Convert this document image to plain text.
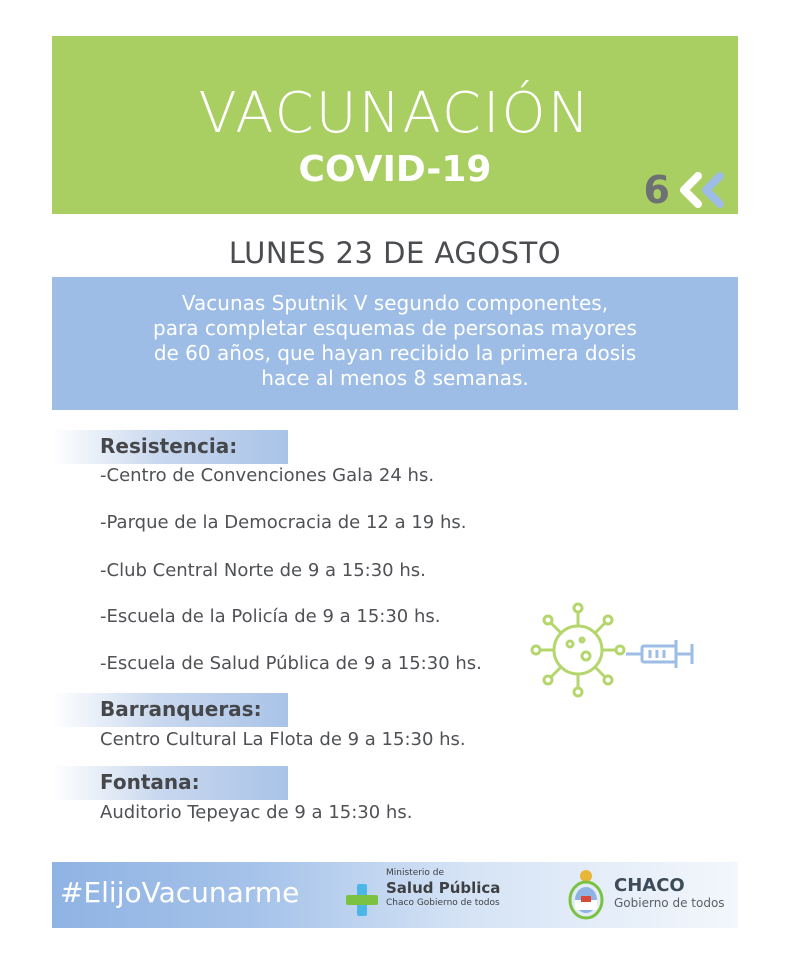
VACUNACIÓN
COVID-19	6
LUNES 23 DE AGOSTO
Vacunas Sputnik V segundo componentes,
para completar esquemas de personas mayores
de 60 años, que hayan recibido la primera dosis
hace al menos 8 semanas.
Resistencia:
-Centro de Convenciones Gala 24 hs.
-Parque de la Democracia de 12 a 19 hs.
-Club Central Norte de 9 a 15:30 hs.
-Escuela de la Policía de 9 a 15:30 hs.
-Escuela de Salud Pública de 9 a 15:30 hs.
Barranqueras:
Centro Cultural La Flota de 9 a 15:30 hs.
Fontana:
Auditorio Tepeyac de 9 a 15:30 hs.
#ElijoVacunarme
Ministerio de
Salud Pública
Chaco Gobierno de todos
CHACO
Gobierno de todos
